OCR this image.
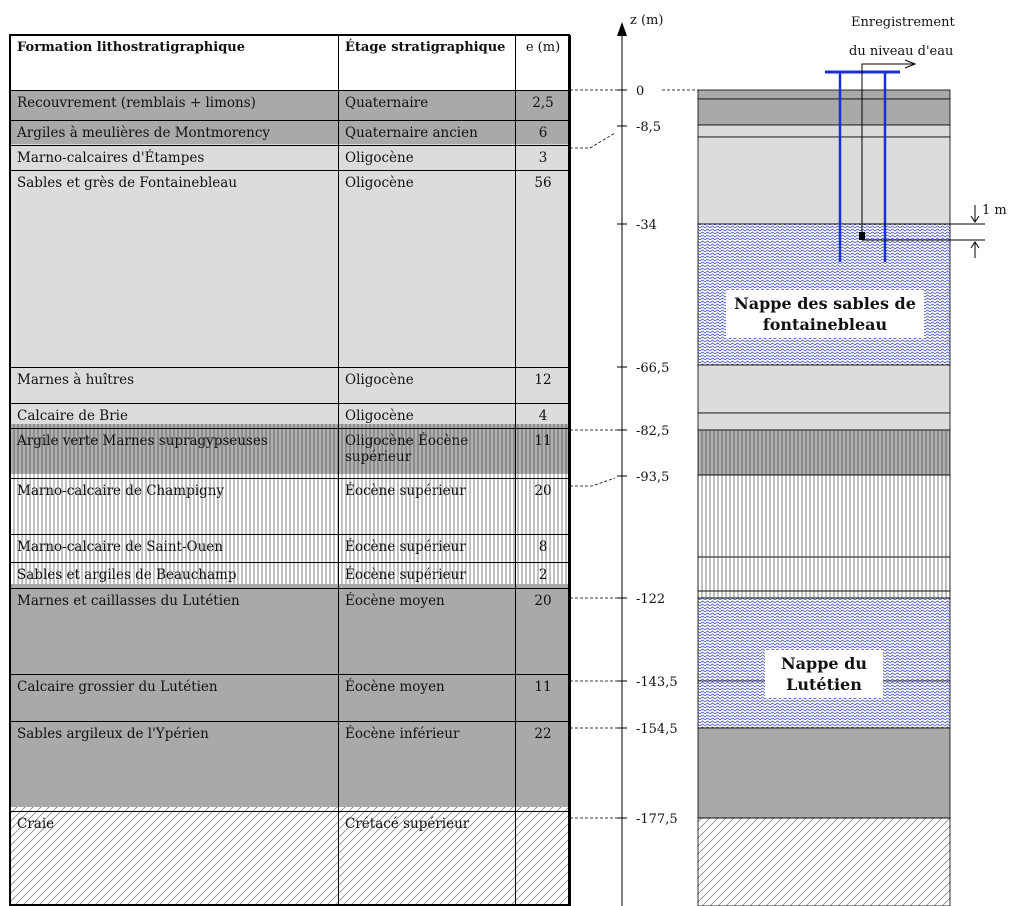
z (m)
0
-8,5
-34
-66,5
-82,5
-93,5
-122
-143,5
-154,5
-177,5
1 m
Enregistrement
du niveau d'eau
Formation lithostratigraphique	Étage stratigraphique	e (m)
Recouvrement (remblais + limons)	Quaternaire	2,5
Argiles à meulières de Montmorency	Quaternaire ancien	6
Marno-calcaires d'Étampes	Oligocène	3
Sables et grès de Fontainebleau	Oligocène	56
Marnes à huîtres	Oligocène	12
Calcaire de Brie	Oligocène	4
Argile verte Marnes supragypseuses	Oligocène Éocène supérieur	11
Marno-calcaire de Champigny	Éocène supérieur	20
Marno-calcaire de Saint-Ouen	Éocène supérieur	8
Sables et argiles de Beauchamp	Éocène supérieur	2
Marnes et caillasses du Lutétien	Éocène moyen	20
Calcaire grossier du Lutétien	Éocène moyen	11
Sables argileux de l'Ypérien	Éocène inférieur	22
Craie	Crétacé supérieur	
Nappe des sables de fontainebleau
Nappe du Lutétien
